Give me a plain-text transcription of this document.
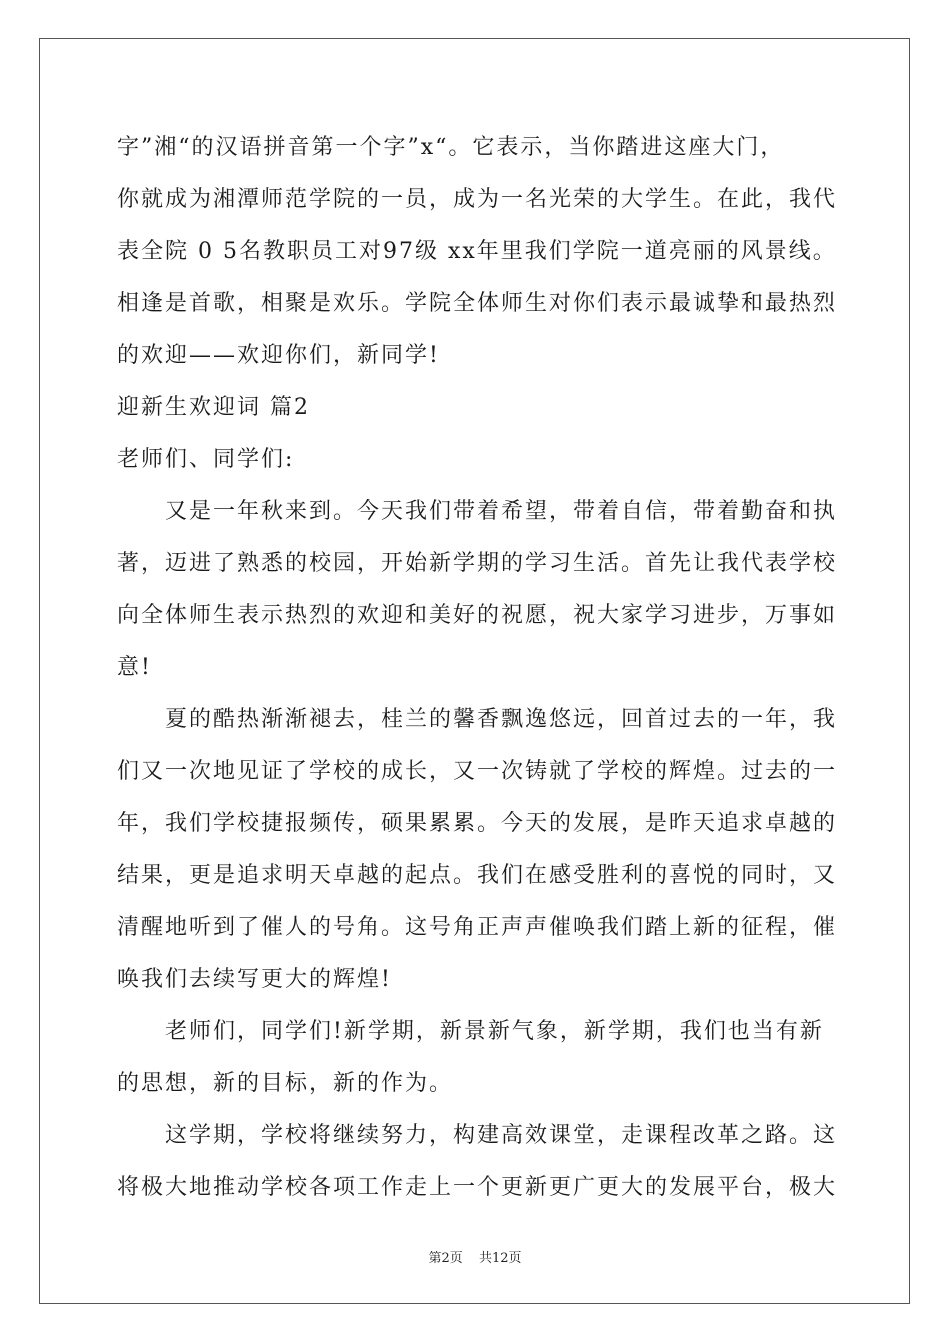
字”湘“的汉语拼音第一个字”x“。它表示，当你踏进这座大门，
你就成为湘潭师范学院的一员，成为一名光荣的大学生。在此，我代
表全院 0 5名教职员工对97级 xx年里我们学院一道亮丽的风景线。
相逢是首歌，相聚是欢乐。学院全体师生对你们表示最诚挚和最热烈
的欢迎——欢迎你们，新同学!
迎新生欢迎词 篇2
老师们、同学们:
　　又是一年秋来到。今天我们带着希望，带着自信，带着勤奋和执
著，迈进了熟悉的校园，开始新学期的学习生活。首先让我代表学校
向全体师生表示热烈的欢迎和美好的祝愿，祝大家学习进步，万事如
意!
　　夏的酷热渐渐褪去，桂兰的馨香飘逸悠远，回首过去的一年，我
们又一次地见证了学校的成长，又一次铸就了学校的辉煌。过去的一
年，我们学校捷报频传，硕果累累。今天的发展，是昨天追求卓越的
结果，更是追求明天卓越的起点。我们在感受胜利的喜悦的同时，又
清醒地听到了催人的号角。这号角正声声催唤我们踏上新的征程，催
唤我们去续写更大的辉煌!
　　老师们，同学们!新学期，新景新气象，新学期，我们也当有新
的思想，新的目标，新的作为。
　　这学期，学校将继续努力，构建高效课堂，走课程改革之路。这
将极大地推动学校各项工作走上一个更新更广更大的发展平台，极大
第2页 共12页
